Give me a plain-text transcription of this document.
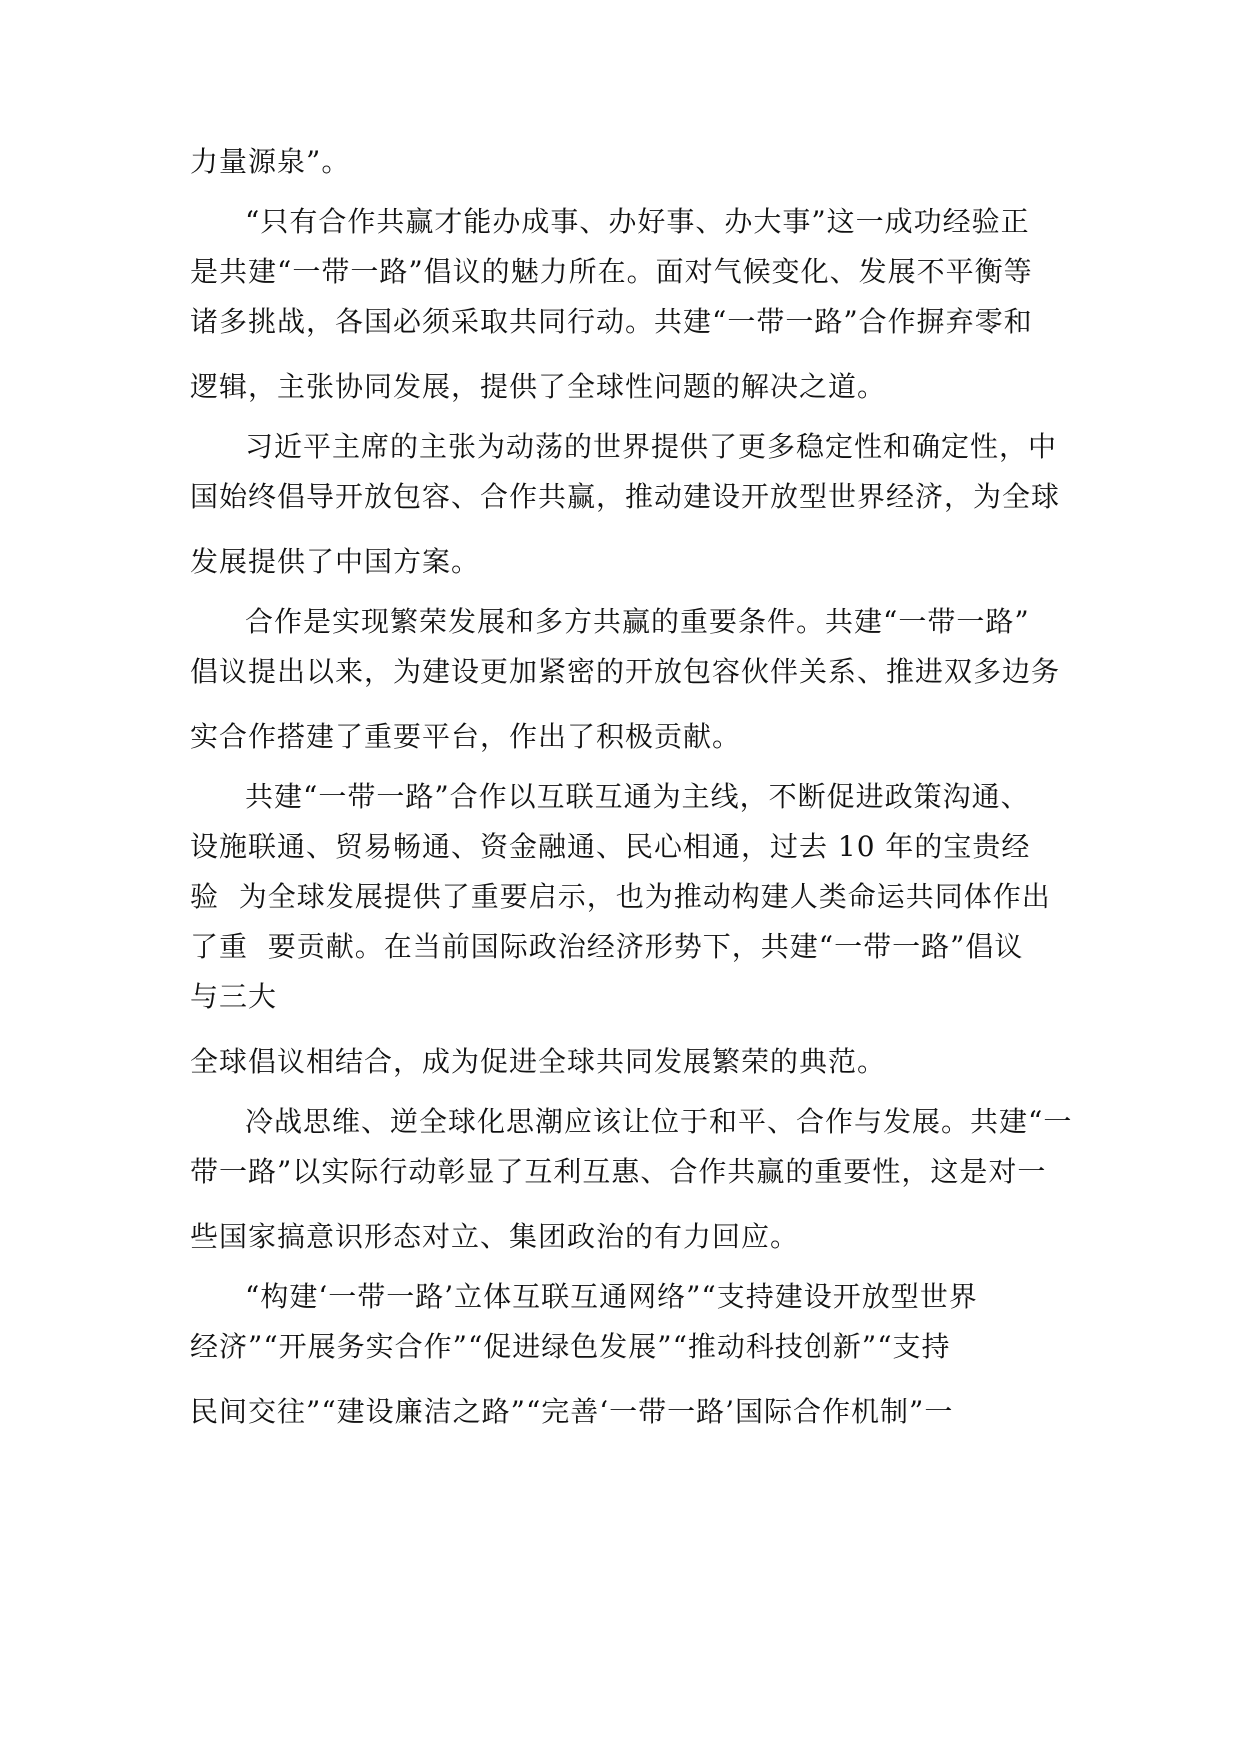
力量源泉”。
“只有合作共赢才能办成事、办好事、办大事”这一成功经验正
是共建“一带一路”倡议的魅力所在。面对气候变化、发展不平衡等
诸多挑战，各国必须采取共同行动。共建“一带一路”合作摒弃零和
逻辑，主张协同发展，提供了全球性问题的解决之道。
习近平主席的主张为动荡的世界提供了更多稳定性和确定性，中
国始终倡导开放包容、合作共赢，推动建设开放型世界经济，为全球
发展提供了中国方案。
合作是实现繁荣发展和多方共赢的重要条件。共建“一带一路”
倡议提出以来，为建设更加紧密的开放包容伙伴关系、推进双多边务
实合作搭建了重要平台，作出了积极贡献。
共建“一带一路”合作以互联互通为主线，不断促进政策沟通、
设施联通、贸易畅通、资金融通、民心相通，过去 10 年的宝贵经
验  为全球发展提供了重要启示，也为推动构建人类命运共同体作出
了重  要贡献。在当前国际政治经济形势下，共建“一带一路”倡议
与三大
全球倡议相结合，成为促进全球共同发展繁荣的典范。
冷战思维、逆全球化思潮应该让位于和平、合作与发展。共建“一
带一路”以实际行动彰显了互利互惠、合作共赢的重要性，这是对一
些国家搞意识形态对立、集团政治的有力回应。
“构建‘一带一路’立体互联互通网络”“支持建设开放型世界
经济”“开展务实合作”“促进绿色发展”“推动科技创新”“支持
民间交往”“建设廉洁之路”“完善‘一带一路’国际合作机制”一
